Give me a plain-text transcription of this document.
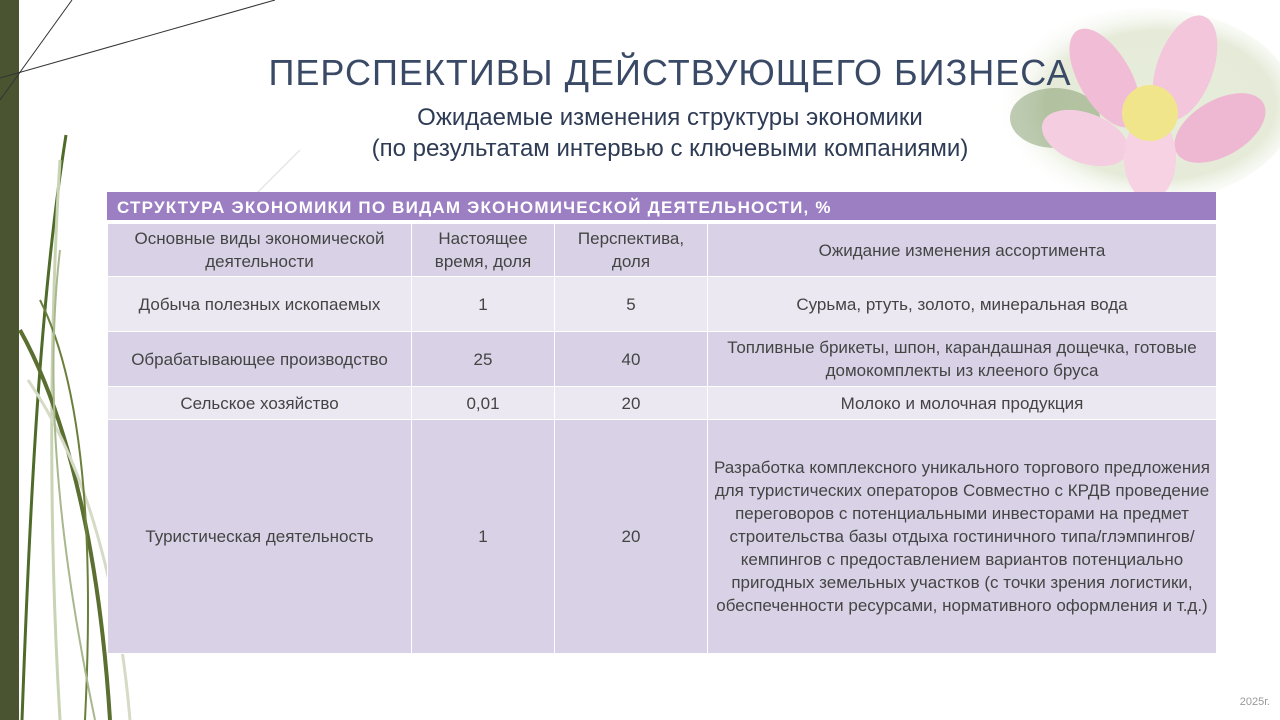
ПЕРСПЕКТИВЫ ДЕЙСТВУЮЩЕГО БИЗНЕСА
Ожидаемые изменения структуры экономики
(по результатам интервью с ключевыми компаниями)
СТРУКТУРА ЭКОНОМИКИ ПО ВИДАМ ЭКОНОМИЧЕСКОЙ ДЕЯТЕЛЬНОСТИ, %
Основные виды экономической деятельности	Настоящее время, доля	Перспектива, доля	Ожидание изменения ассортимента
Добыча полезных ископаемых	1	5	Сурьма, ртуть, золото, минеральная вода
Обрабатывающее производство	25	40	Топливные брикеты, шпон, карандашная дощечка, готовые домокомплекты из клееного бруса
Сельское хозяйство	0,01	20	Молоко и молочная продукция
Туристическая деятельность	1	20	Разработка комплексного уникального торгового предложения для туристических операторов Совместно с КРДВ проведение переговоров с потенциальными инвесторами на предмет строительства базы отдыха гостиничного типа/глэмпингов/кемпингов с предоставлением вариантов потенциально пригодных земельных участков (с точки зрения логистики, обеспеченности ресурсами, нормативного оформления и т.д.)
2025г.
